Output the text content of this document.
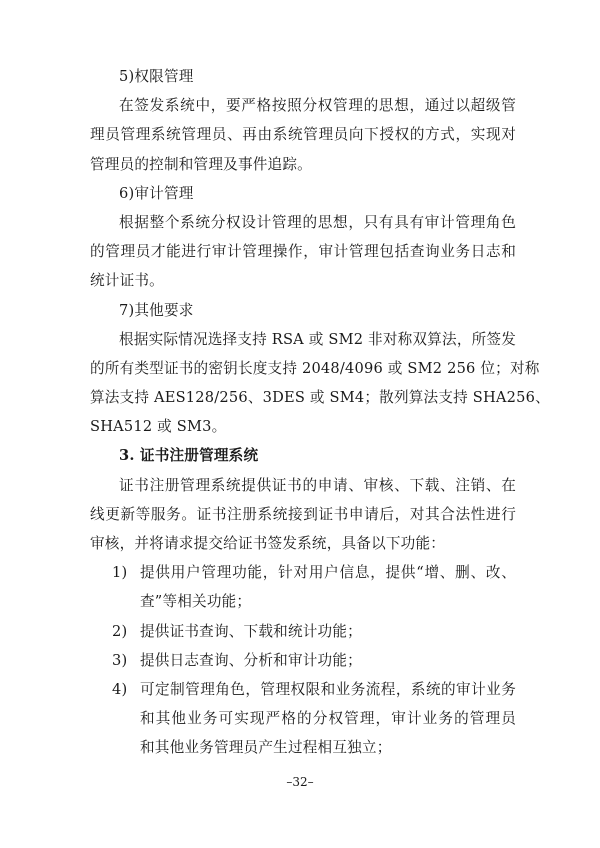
5)权限管理
在签发系统中，要严格按照分权管理的思想，通过以超级管
理员管理系统管理员、再由系统管理员向下授权的方式，实现对
管理员的控制和管理及事件追踪。
6)审计管理
根据整个系统分权设计管理的思想，只有具有审计管理角色
的管理员才能进行审计管理操作，审计管理包括查询业务日志和
统计证书。
7)其他要求
根据实际情况选择支持 RSA 或 SM2 非对称双算法，所签发
的所有类型证书的密钥长度支持 2048/4096 或 SM2 256 位；对称
算法支持 AES128/256、3DES 或 SM4；散列算法支持 SHA256、
SHA512 或 SM3。
3. 证书注册管理系统
证书注册管理系统提供证书的申请、审核、下载、注销、在
线更新等服务。证书注册系统接到证书申请后，对其合法性进行
审核，并将请求提交给证书签发系统，具备以下功能：
1) 提供用户管理功能，针对用户信息，提供“增、删、改、
查”等相关功能；
2) 提供证书查询、下载和统计功能；
3) 提供日志查询、分析和审计功能；
4) 可定制管理角色，管理权限和业务流程，系统的审计业务
和其他业务可实现严格的分权管理，审计业务的管理员
和其他业务管理员产生过程相互独立；
–32–
